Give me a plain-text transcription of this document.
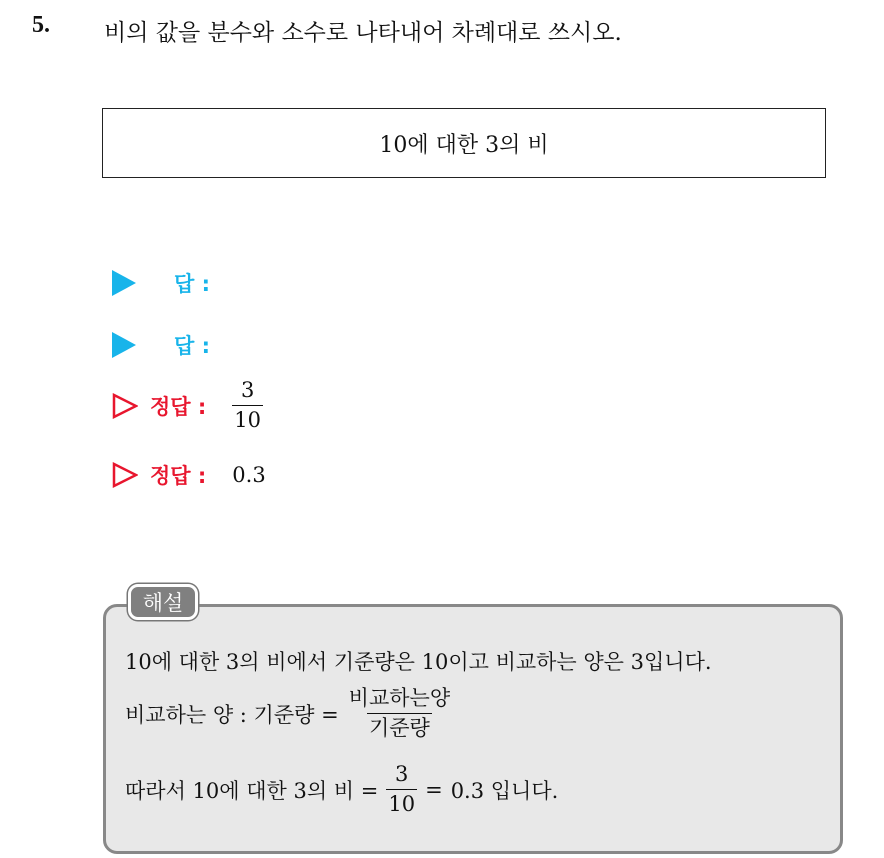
5. 비의 값을 분수와 소수로 나타내어 차례대로 쓰시오.
10에 대한 3의 비
답 :
답 :
정답 : $\frac{3}{10}$
정답 : 0.3
해설
10에 대한 3의 비에서 기준량은 10이고 비교하는 양은 3입니다.
비교하는 양 : 기준량 = $\frac{\text{비교하는양}}{\text{기준량}}$
따라서 10에 대한 3의 비 = $\frac{3}{10} = 0.3$ 입니다.
